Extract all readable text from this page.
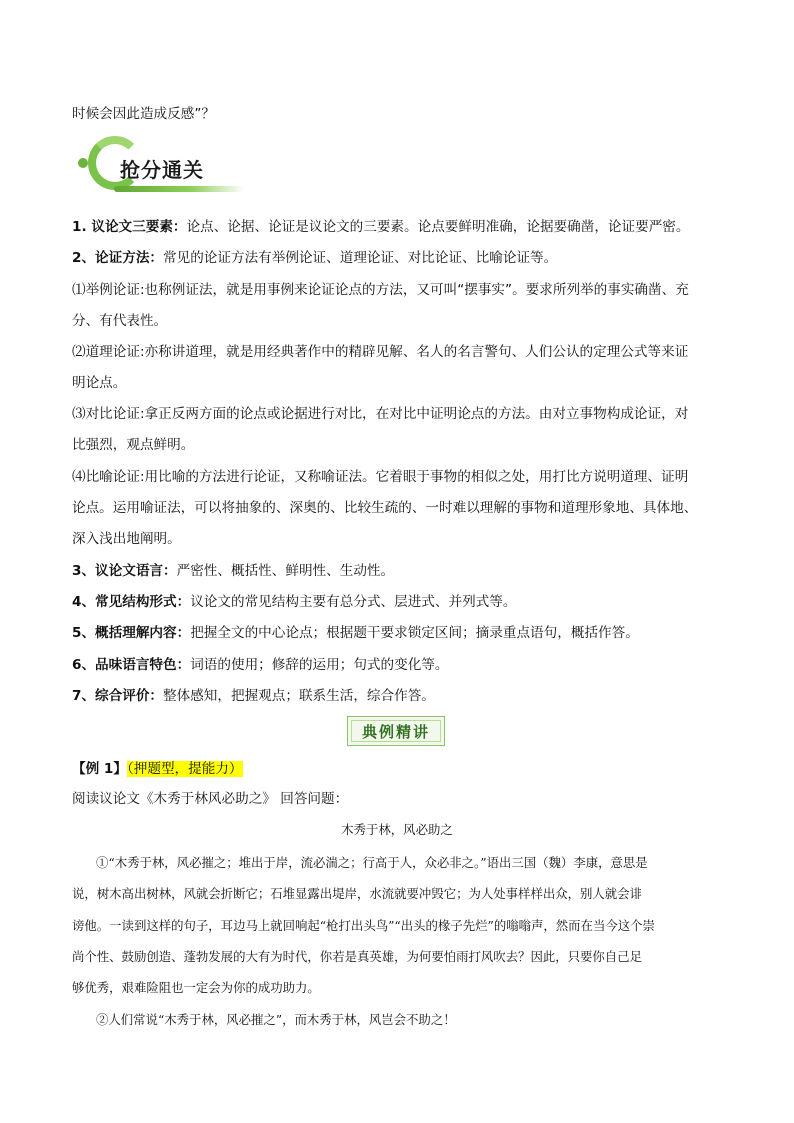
时候会因此造成反感”？
抢分通关
1. 议论文三要素：论点、论据、论证是议论文的三要素。论点要鲜明准确，论据要确凿，论证要严密。
2、论证方法：常见的论证方法有举例论证、道理论证、对比论证、比喻论证等。
⑴举例论证:也称例证法，就是用事例来论证论点的方法，又可叫“摆事实”。要求所列举的事实确凿、充
分、有代表性。
⑵道理论证:亦称讲道理，就是用经典著作中的精辟见解、名人的名言警句、人们公认的定理公式等来证
明论点。
⑶对比论证:拿正反两方面的论点或论据进行对比，在对比中证明论点的方法。由对立事物构成论证，对
比强烈，观点鲜明。
⑷比喻论证:用比喻的方法进行论证，又称喻证法。它着眼于事物的相似之处，用打比方说明道理、证明
论点。运用喻证法，可以将抽象的、深奥的、比较生疏的、一时难以理解的事物和道理形象地、具体地、
深入浅出地阐明。
3、议论文语言：严密性、概括性、鲜明性、生动性。
4、常见结构形式：议论文的常见结构主要有总分式、层进式、并列式等。
5、概括理解内容：把握全文的中心论点；根据题干要求锁定区间；摘录重点语句，概括作答。
6、品味语言特色：词语的使用；修辞的运用；句式的变化等。
7、综合评价：整体感知，把握观点；联系生活，综合作答。
典例精讲
【例 1】（押题型，提能力）
阅读议论文《木秀于林风必助之》 回答问题：
木秀于林，风必助之
①“木秀于林，风必摧之；堆出于岸，流必湍之；行高于人，众必非之。”语出三国（魏）李康，意思是
说，树木高出树林，风就会折断它；石堆显露出堤岸，水流就要冲毁它；为人处事样样出众，别人就会诽
谤他。一读到这样的句子，耳边马上就回响起“枪打出头鸟”“出头的椽子先烂”的嗡嗡声，然而在当今这个崇
尚个性、鼓励创造、蓬勃发展的大有为时代，你若是真英雄，为何要怕雨打风吹去？因此，只要你自己足
够优秀，艰难险阻也一定会为你的成功助力。
②人们常说“木秀于林，风必摧之”，而木秀于林，风岂会不助之！
